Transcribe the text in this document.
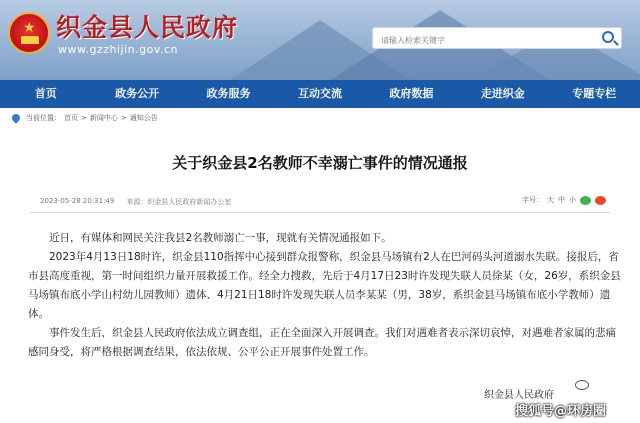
★ 织金县人民政府
www.gzzhijin.gov.cn
请输入检索关键字
首页	政务公开	政务服务	互动交流	政府数据	走进织金	专题专栏
当前位置： 首页 > 新闻中心 > 通知公告
关于织金县2名教师不幸溺亡事件的情况通报
2023-05-28 20:31:49 来源：织金县人民政府新闻办公室	字号： 大 中 小

近日，有媒体和网民关注我县2名教师溺亡一事，现就有关情况通报如下。

2023年4月13日18时许，织金县110指挥中心接到群众报警称，织金县马场镇有2人在巴河码头河道溺水失联。接报后，省市县高度重视，第一时间组织力量开展救援工作。经全力搜救，先后于4月17日23时许发现失联人员徐某（女，26岁，系织金县马场镇布底小学山村幼儿园教师）遗体、4月21日18时许发现失联人员李某某（男，38岁，系织金县马场镇布底小学教师）遗体。

事件发生后，织金县人民政府依法成立调查组，正在全面深入开展调查。我们对遇难者表示深切哀悼，对遇难者家属的悲痛感同身受，将严格根据调查结果，依法依规、公平公正开展事件处置工作。

织金县人民政府
搜狐号@环房圈
